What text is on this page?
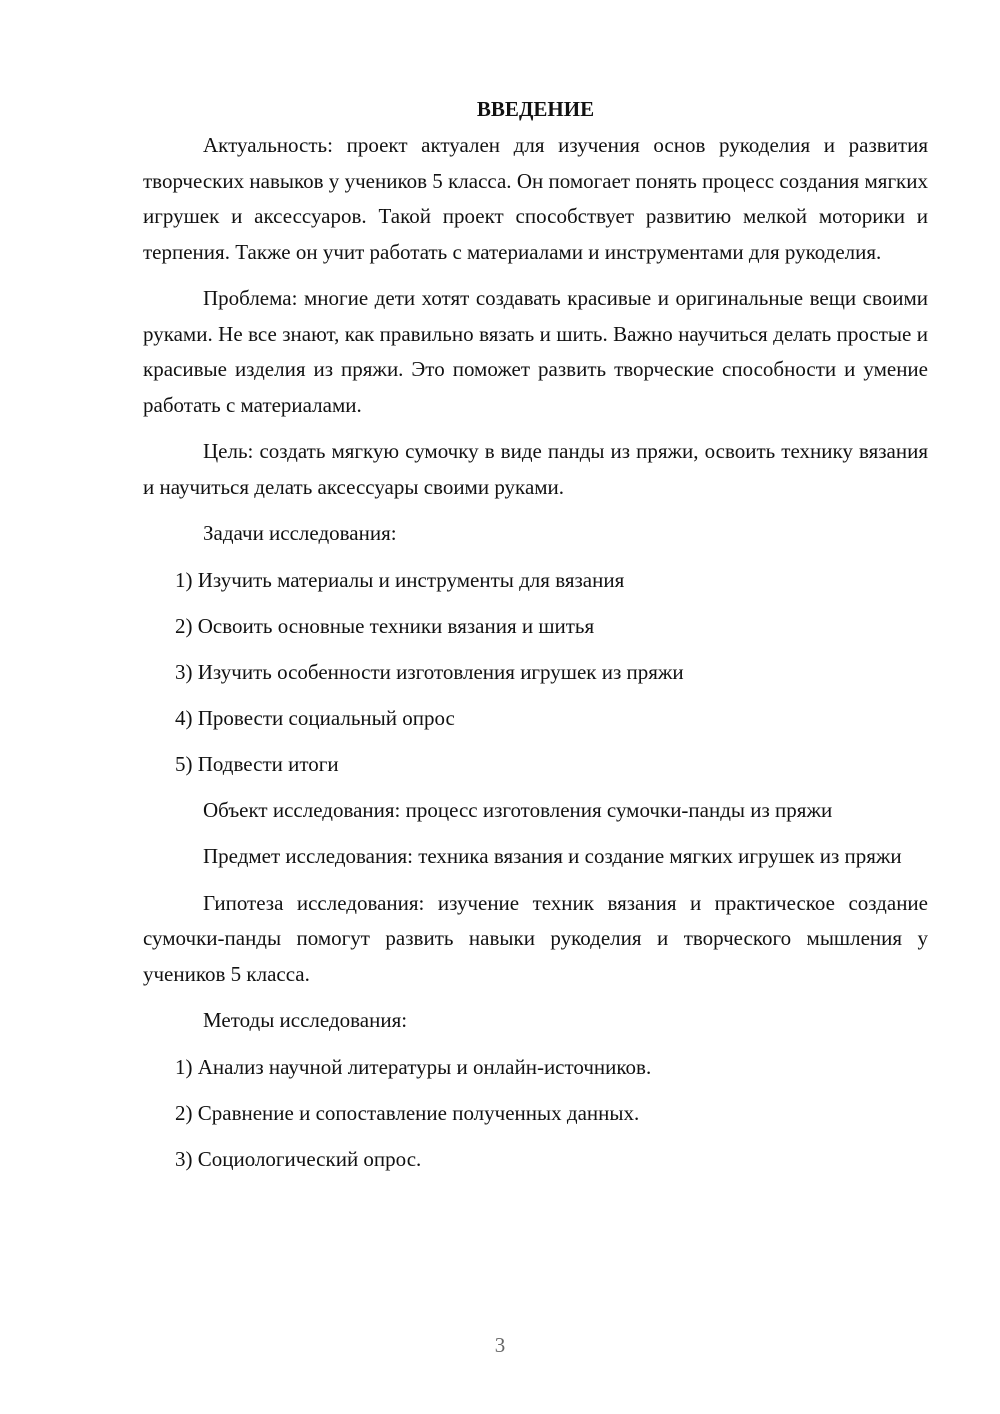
ВВЕДЕНИЕ
Актуальность: проект актуален для изучения основ рукоделия и развития творческих навыков у учеников 5 класса. Он помогает понять процесс создания мягких игрушек и аксессуаров. Такой проект способствует развитию мелкой моторики и терпения. Также он учит работать с материалами и инструментами для рукоделия.
Проблема: многие дети хотят создавать красивые и оригинальные вещи своими руками. Не все знают, как правильно вязать и шить. Важно научиться делать простые и красивые изделия из пряжи. Это поможет развить творческие способности и умение работать с материалами.
Цель: создать мягкую сумочку в виде панды из пряжи, освоить технику вязания и научиться делать аксессуары своими руками.
Задачи исследования:
1) Изучить материалы и инструменты для вязания
2) Освоить основные техники вязания и шитья
3) Изучить особенности изготовления игрушек из пряжи
4) Провести социальный опрос
5) Подвести итоги
Объект исследования: процесс изготовления сумочки-панды из пряжи
Предмет исследования: техника вязания и создание мягких игрушек из пряжи
Гипотеза исследования: изучение техник вязания и практическое создание сумочки-панды помогут развить навыки рукоделия и творческого мышления у учеников 5 класса.
Методы исследования:
1) Анализ научной литературы и онлайн-источников.
2) Сравнение и сопоставление полученных данных.
3) Социологический опрос.
3
